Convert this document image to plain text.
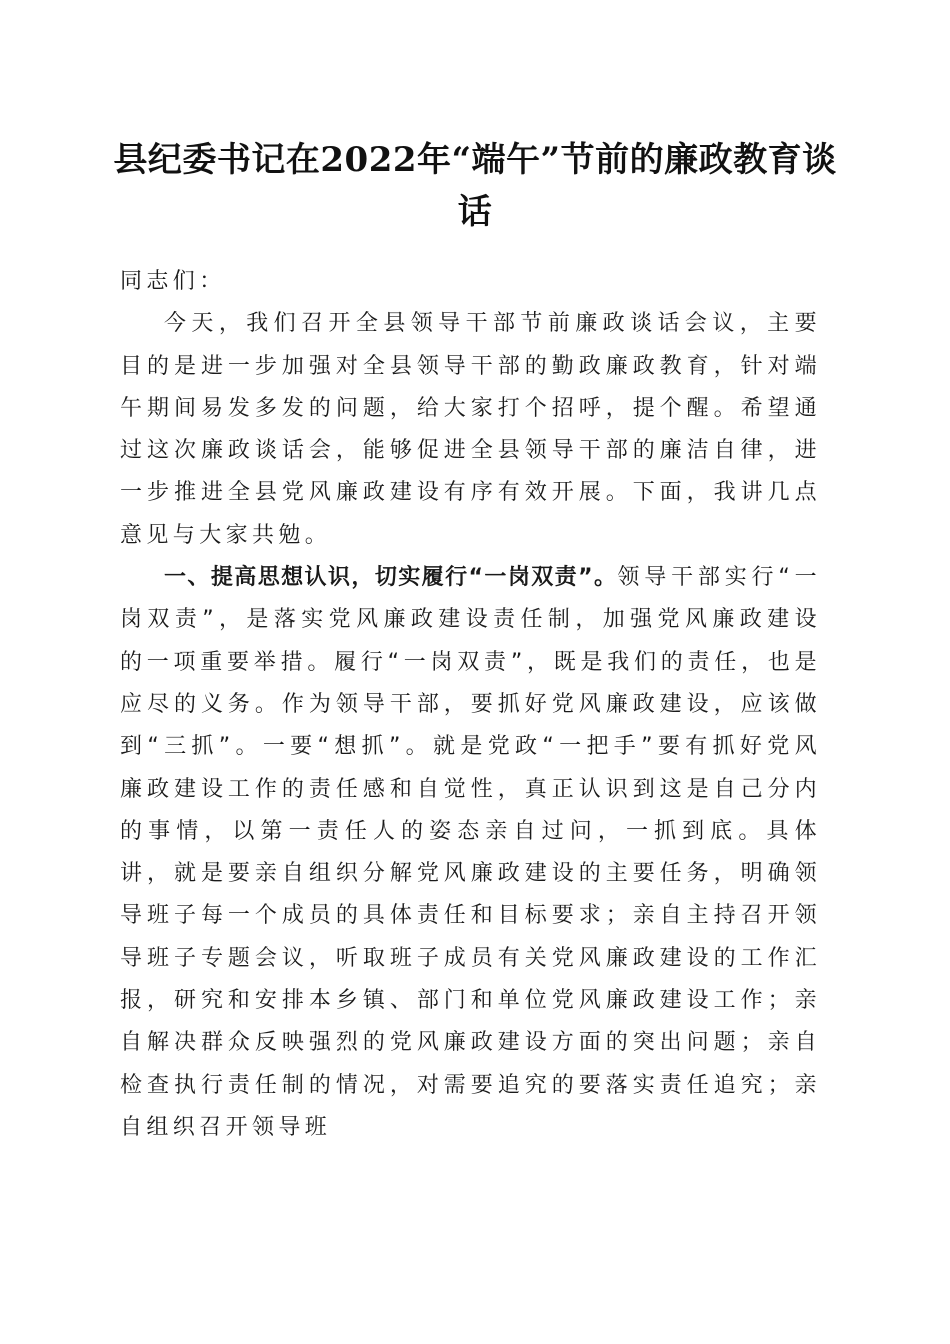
县纪委书记在2022年“端午”节前的廉政教育谈话

同志们：

今天，我们召开全县领导干部节前廉政谈话会议，主要目的是进一步加强对全县领导干部的勤政廉政教育，针对端午期间易发多发的问题，给大家打个招呼，提个醒。希望通过这次廉政谈话会，能够促进全县领导干部的廉洁自律，进一步推进全县党风廉政建设有序有效开展。下面，我讲几点意见与大家共勉。

一、提高思想认识，切实履行“一岗双责”。领导干部实行“一岗双责”，是落实党风廉政建设责任制，加强党风廉政建设的一项重要举措。履行“一岗双责”，既是我们的责任，也是应尽的义务。作为领导干部，要抓好党风廉政建设，应该做到“三抓”。一要“想抓”。就是党政“一把手”要有抓好党风廉政建设工作的责任感和自觉性，真正认识到这是自己分内的事情，以第一责任人的姿态亲自过问，一抓到底。具体讲，就是要亲自组织分解党风廉政建设的主要任务，明确领导班子每一个成员的具体责任和目标要求；亲自主持召开领导班子专题会议，听取班子成员有关党风廉政建设的工作汇报，研究和安排本乡镇、部门和单位党风廉政建设工作；亲自解决群众反映强烈的党风廉政建设方面的突出问题；亲自检查执行责任制的情况，对需要追究的要落实责任追究；亲自组织召开领导班
